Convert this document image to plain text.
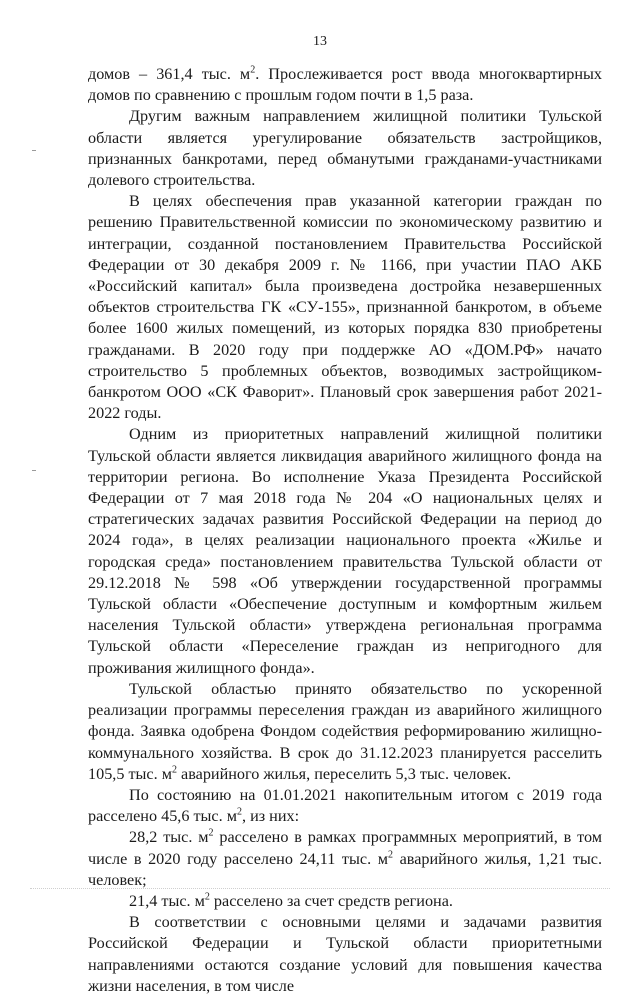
13

домов – 361,4 тыс. $м^2$. Прослеживается рост ввода многоквартирных домов по сравнению с прошлым годом почти в 1,5 раза.

Другим важным направлением жилищной политики Тульской области является урегулирование обязательств застройщиков, признанных банкротами, перед обманутыми гражданами-участниками долевого строительства.

В целях обеспечения прав указанной категории граждан по решению Правительственной комиссии по экономическому развитию и интеграции, созданной постановлением Правительства Российской Федерации от 30 декабря 2009 г. № 1166, при участии ПАО АКБ «Российский капитал» была произведена достройка незавершенных объектов строительства ГК «СУ-155», признанной банкротом, в объеме более 1600 жилых помещений, из которых порядка 830 приобретены гражданами. В 2020 году при поддержке АО «ДОМ.РФ» начато строительство 5 проблемных объектов, возводимых застройщиком-банкротом ООО «СК Фаворит». Плановый срок завершения работ 2021-2022 годы.

Одним из приоритетных направлений жилищной политики Тульской области является ликвидация аварийного жилищного фонда на территории региона. Во исполнение Указа Президента Российской Федерации от 7 мая 2018 года № 204 «О национальных целях и стратегических задачах развития Российской Федерации на период до 2024 года», в целях реализации национального проекта «Жилье и городская среда» постановлением правительства Тульской области от 29.12.2018 № 598 «Об утверждении государственной программы Тульской области «Обеспечение доступным и комфортным жильем населения Тульской области» утверждена региональная программа Тульской области «Переселение граждан из непригодного для проживания жилищного фонда».

Тульской областью принято обязательство по ускоренной реализации программы переселения граждан из аварийного жилищного фонда. Заявка одобрена Фондом содействия реформированию жилищно-коммунального хозяйства. В срок до 31.12.2023 планируется расселить 105,5 тыс. $м^2$ аварийного жилья, переселить 5,3 тыс. человек.

По состоянию на 01.01.2021 накопительным итогом с 2019 года расселено 45,6 тыс. $м^2$, из них:

28,2 тыс. $м^2$ расселено в рамках программных мероприятий, в том числе в 2020 году расселено 24,11 тыс. $м^2$ аварийного жилья, 1,21 тыс. человек;

21,4 тыс. $м^2$ расселено за счет средств региона.

В соответствии с основными целями и задачами развития Российской Федерации и Тульской области приоритетными направлениями остаются создание условий для повышения качества жизни населения, в том числе
